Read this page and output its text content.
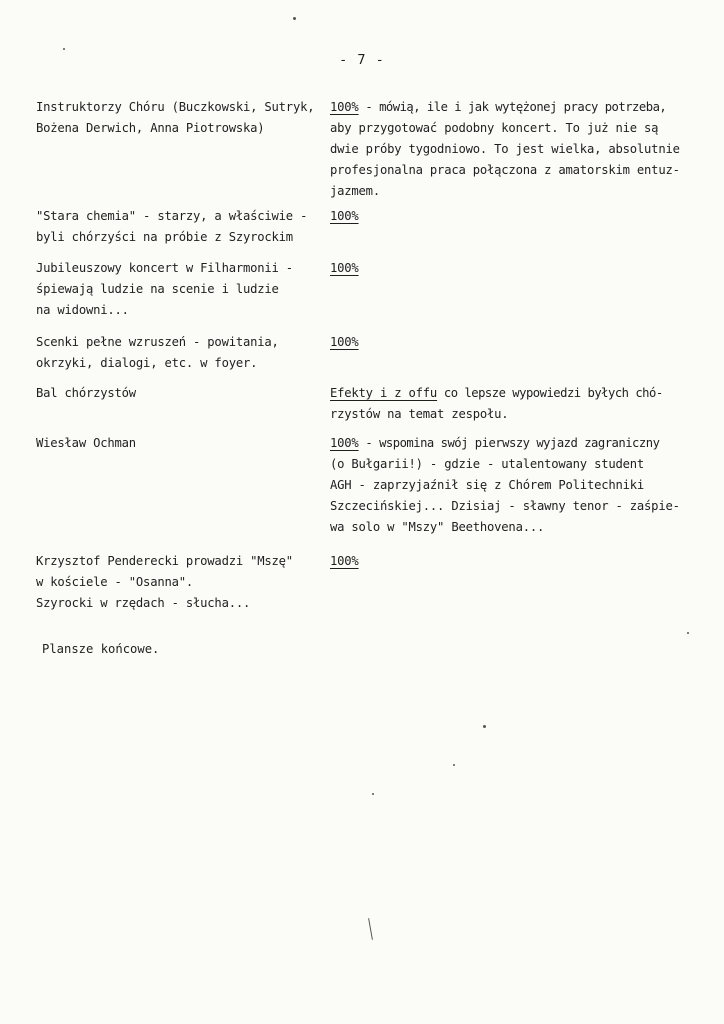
- 7 -
Instruktorzy Chóru (Buczkowski, Sutryk,
Bożena Derwich, Anna Piotrowska)
100% - mówią, ile i jak wytężonej pracy potrzeba,
aby przygotować podobny koncert. To już nie są
dwie próby tygodniowo. To jest wielka, absolutnie
profesjonalna praca połączona z amatorskim entuz-
jazmem.
"Stara chemia" - starzy, a właściwie -
byli chórzyści na próbie z Szyrockim
100%
Jubileuszowy koncert w Filharmonii -
śpiewają ludzie na scenie i ludzie
na widowni...
100%
Scenki pełne wzruszeń - powitania,
okrzyki, dialogi, etc. w foyer.
100%
Bal chórzystów	Efekty i z offu co lepsze wypowiedzi byłych chó-
rzystów na temat zespołu.
Wiesław Ochman	100% - wspomina swój pierwszy wyjazd zagraniczny
(o Bułgarii!) - gdzie - utalentowany student
AGH - zaprzyjaźnił się z Chórem Politechniki
Szczecińskiej... Dzisiaj - sławny tenor - zaśpie-
wa solo w "Mszy" Beethovena...
Krzysztof Penderecki prowadzi "Mszę"
w kościele - "Osanna".
Szyrocki w rzędach - słucha...
100%
Plansze końcowe.
